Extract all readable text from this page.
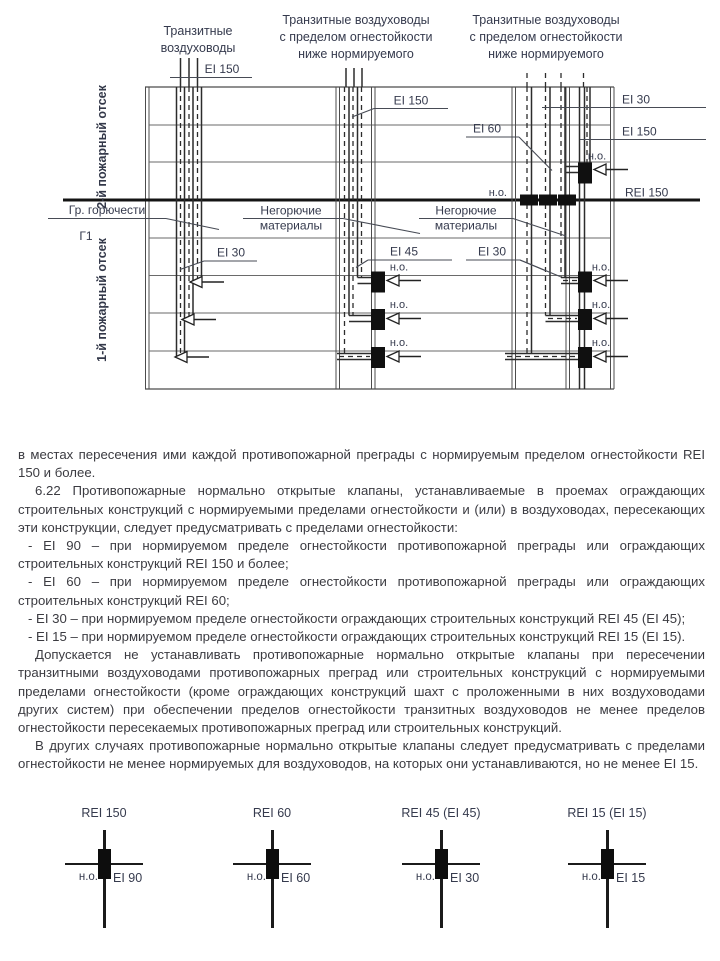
2-й пожарный отсек
1-й пожарный отсек
Транзитные
воздуховоды
Транзитные воздуховоды
с пределом огнестойкости
ниже нормируемого
Транзитные воздуховоды
с пределом огнестойкости
ниже нормируемого
EI 150
EI 30
Гр. горючести
Г1
н.о.
н.о.
н.о.
EI 150
EI 45
Негорючие
материалы
н.о.
н.о.	REI 150
н.о.
н.о.
н.о.
EI 60
EI 30
EI 150
Негорючие
материалы
EI 30

в местах пересечения ими каждой противопожарной преграды с нормируемым пределом огнестойкости REI 150 и более.

6.22 Противопожарные нормально открытые клапаны, устанавливаемые в проемах ограждающих строительных конструкций с нормируемыми пределами огнестойкости и (или) в воздуховодах, пересекающих эти конструкции, следует предусматривать с пределами огнестойкости:

- EI 90 – при нормируемом пределе огнестойкости противопожарной преграды или ограждающих строительных конструкций REI 150 и более;

- EI 60 – при нормируемом пределе огнестойкости противопожарной преграды или ограждающих строительных конструкций REI 60;

- EI 30 – при нормируемом пределе огнестойкости ограждающих строительных конструкций REI 45 (EI 45);

- EI 15 – при нормируемом пределе огнестойкости ограждающих строительных конструкций REI 15 (EI 15).

Допускается не устанавливать противопожарные нормально открытые клапаны при пересечении транзитными воздуховодами противопожарных преград или строительных конструкций с нормируемыми пределами огнестойкости (кроме ограждающих конструкций шахт с проложенными в них воздуховодами других систем) при обеспечении пределов огнестойкости транзитных воздуховодов не менее пределов огнестойкости пересекаемых противопожарных преград или строительных конструкций.

В других случаях противопожарные нормально открытые клапаны следует предусматривать с пределами огнестойкости не менее нормируемых для воздуховодов, на которых они устанавливаются, но не менее EI 15.

REI 150
н.о. EI 90
REI 60
н.о. EI 60
REI 45 (EI 45)
н.о. EI 30
REI 15 (EI 15)
н.о. EI 15
